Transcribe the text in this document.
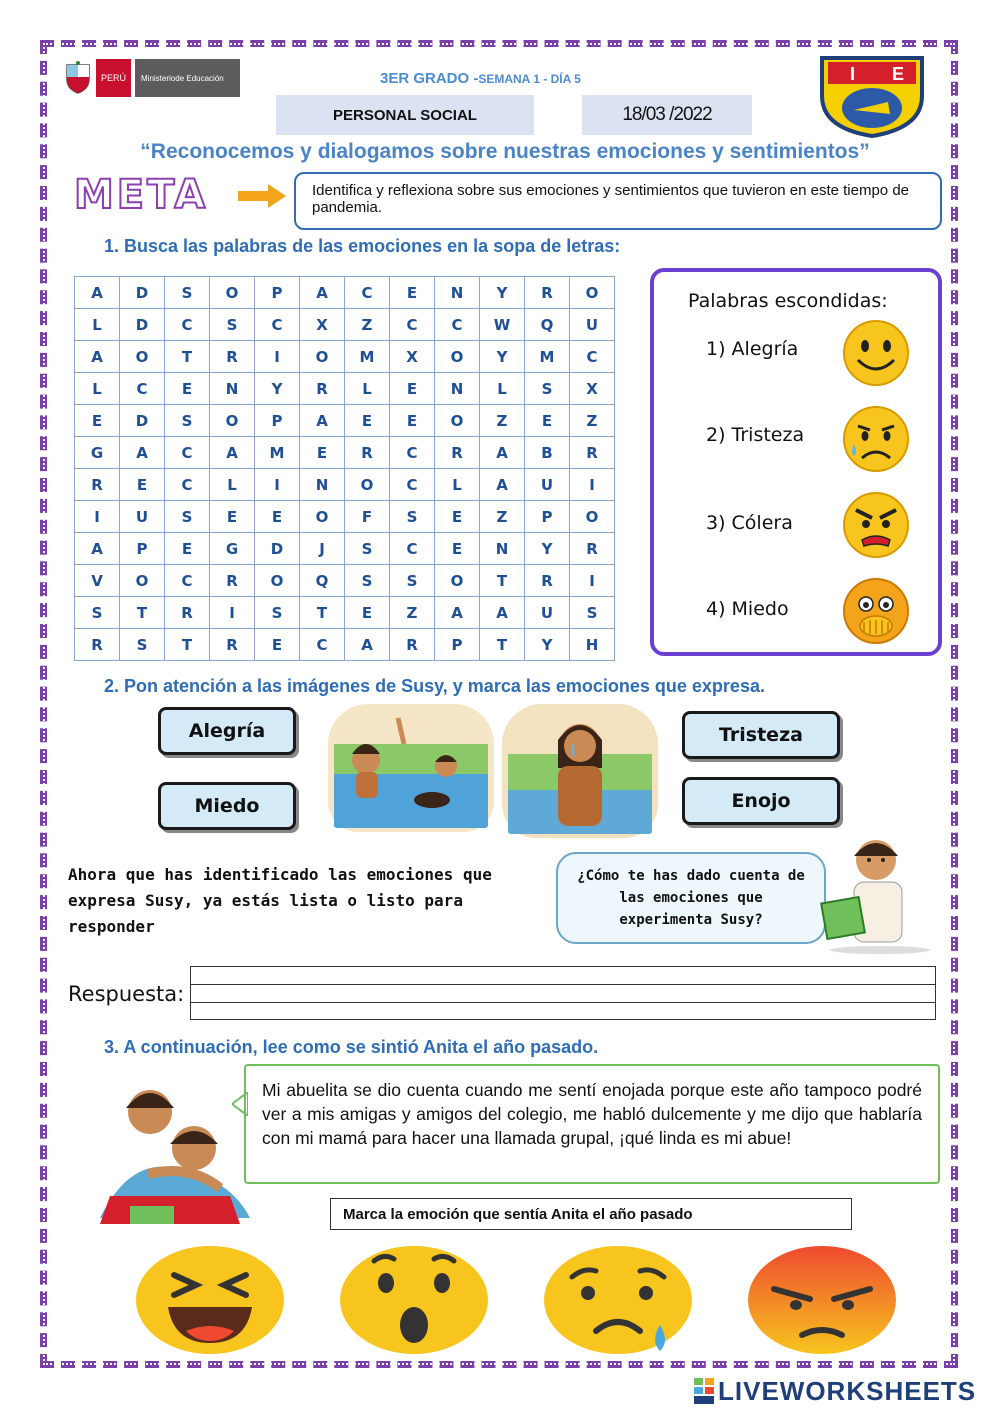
PERÚ	Ministerio de Educación	3ER GRADO -SEMANA 1 - DÍA 5
PERSONAL SOCIAL	18/03 /2022
I E
“Reconocemos y dialogamos sobre nuestras emociones y sentimientos”
META	Identifica y reflexiona sobre sus emociones y sentimientos que tuvieron en este tiempo de pandemia.
1. Busca las palabras de las emociones en la sopa de letras:
A	D	S	O	P	A	C	E	N	Y	R	O
L	D	C	S	C	X	Z	C	C	W	Q	U
A	O	T	R	I	O	M	X	O	Y	M	C
L	C	E	N	Y	R	L	E	N	L	S	X
E	D	S	O	P	A	E	E	O	Z	E	Z
G	A	C	A	M	E	R	C	R	A	B	R
R	E	C	L	I	N	O	C	L	A	U	I
I	U	S	E	E	O	F	S	E	Z	P	O
A	P	E	G	D	J	S	C	E	N	Y	R
V	O	C	R	O	Q	S	S	O	T	R	I
S	T	R	I	S	T	E	Z	A	A	U	S
R	S	T	R	E	C	A	R	P	T	Y	H
Palabras escondidas:
1) Alegría
2) Tristeza
3) Cólera
4) Miedo
2. Pon atención a las imágenes de Susy, y marca las emociones que expresa.
Alegría
Miedo
Tristeza
Enojo
Ahora que has identificado las emociones que expresa Susy, ya estás lista o listo para responder
¿Cómo te has dado cuenta de las emociones que experimenta Susy?
Respuesta:
3. A continuación, lee como se sintió Anita el año pasado.
Mi abuelita se dio cuenta cuando me sentí enojada porque este año tampoco podré ver a mis amigas y amigos del colegio, me habló dulcemente y me dijo que hablaría con mi mamá para hacer una llamada grupal, ¡qué linda es mi abue!
Marca la emoción que sentía Anita el año pasado
LIVEWORKSHEETS
